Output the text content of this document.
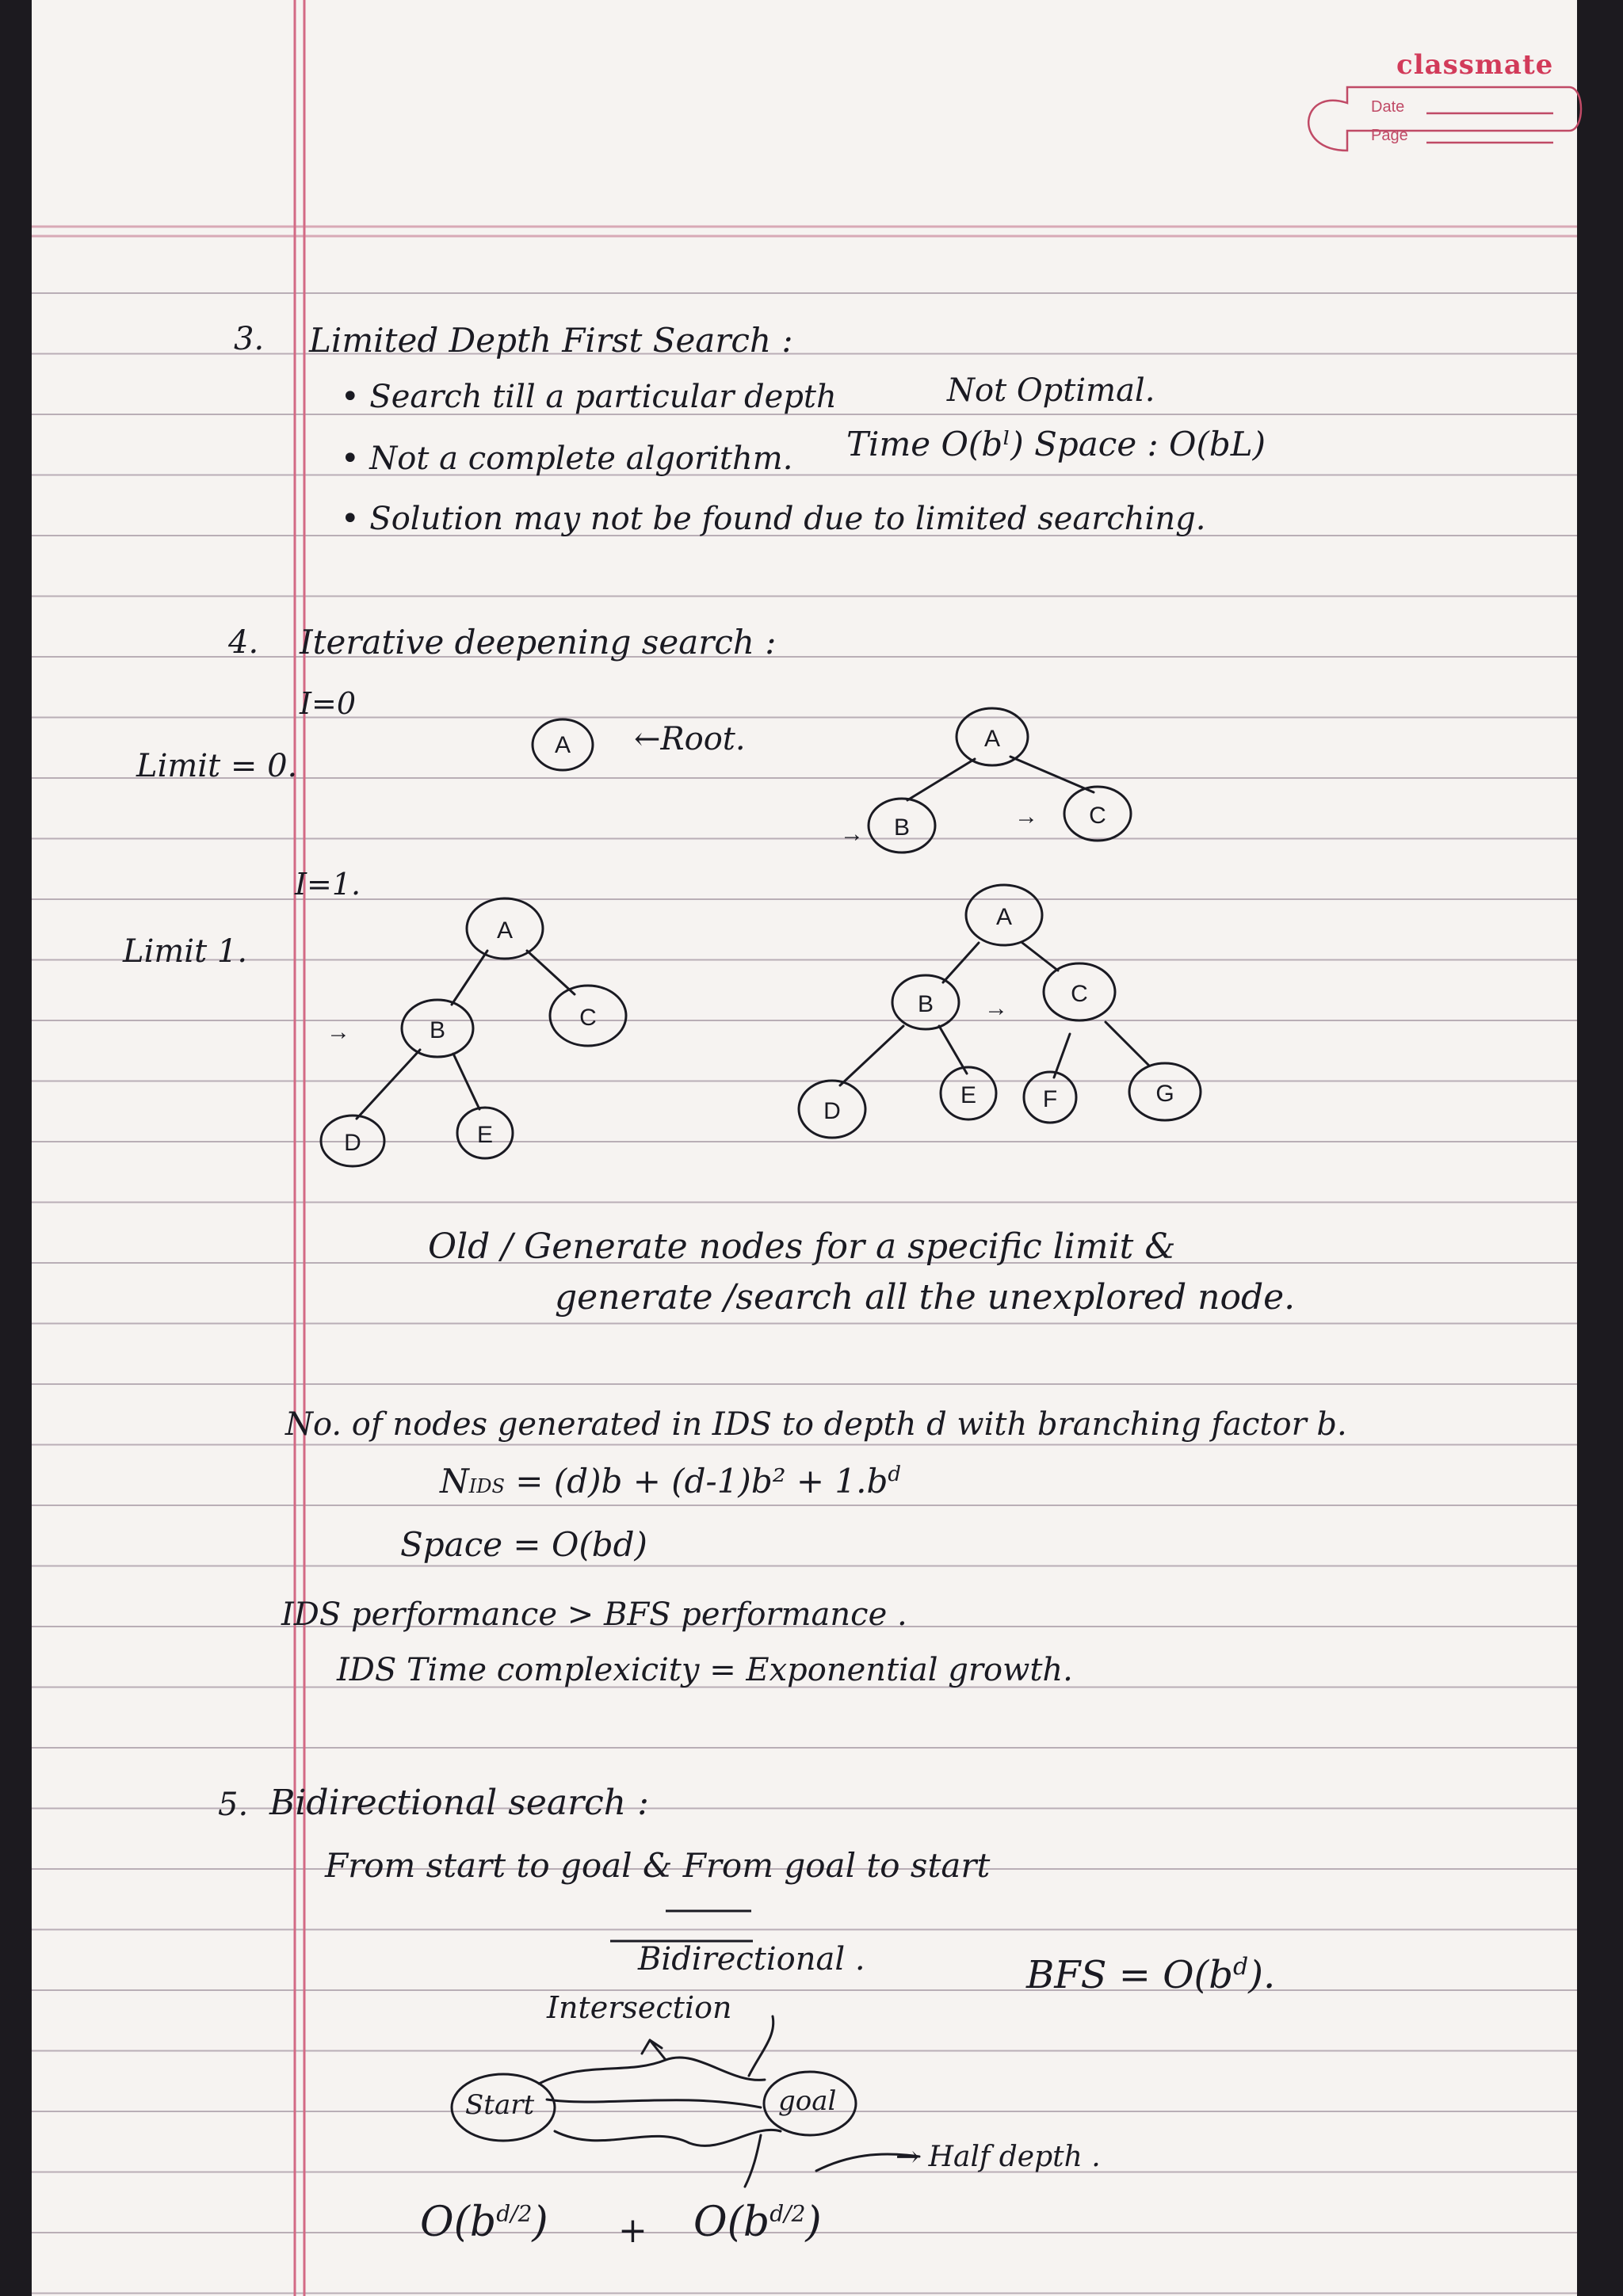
A	A
B	C
→
→
A
B	C
D	E
→
A
B	C
D
E	F	G
→
classmate
Date
Page
3. Limited Depth First Search :
• Search till a particular depth	Not Optimal.
• Not a complete algorithm. Time O(bˡ) Space : O(bL)
• Solution may not be found due to limited searching.
4. Iterative deepening search :
I=0
Limit = 0.
←Root.
I=1.
Limit 1.
Old / Generate nodes for a specific limit &
generate /search all the unexplored node.
No. of nodes generated in IDS to depth d with branching factor b.
NIDS = $(d)b + (d-1)b^2 + 1.b^d$
Space = O(bd)
IDS performance > BFS performance .
IDS Time complexicity = Exponential growth.
5. Bidirectional search :
From start to goal & From goal to start
Bidirectional .	BFS = $O(b^d)$.
Intersection
Start	goal
→ Half depth .
$O(b^{d/2}) + O(b^{d/2})$
